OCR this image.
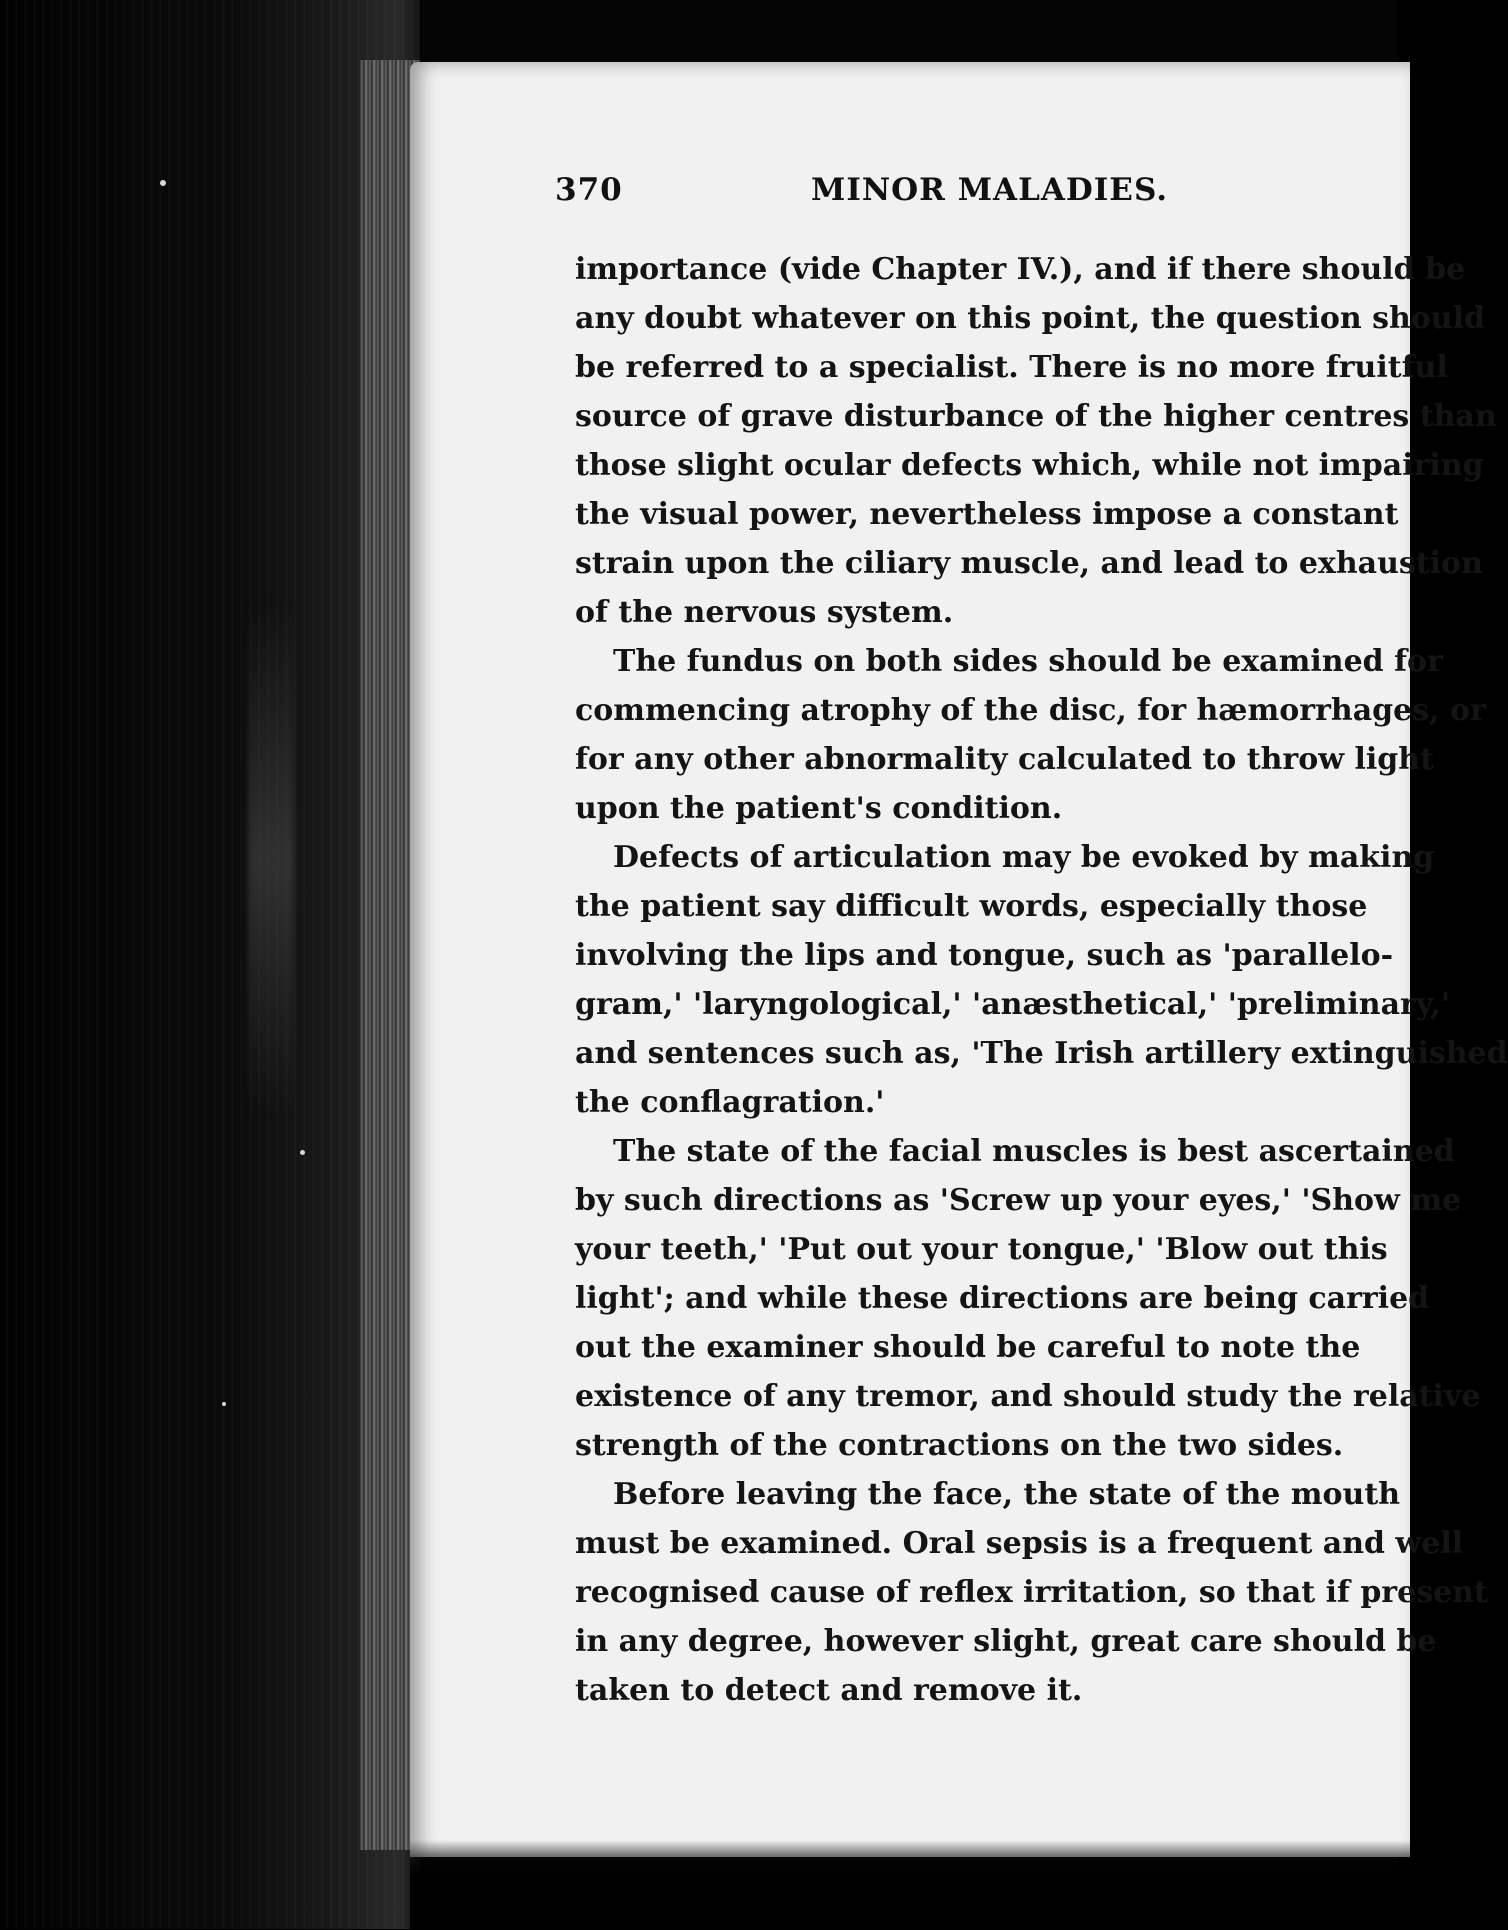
370	MINOR MALADIES.
importance (vide Chapter IV.), and if there should be
any doubt whatever on this point, the question should
be referred to a specialist. There is no more fruitful
source of grave disturbance of the higher centres than
those slight ocular defects which, while not impairing
the visual power, nevertheless impose a constant
strain upon the ciliary muscle, and lead to exhaustion
of the nervous system.
The fundus on both sides should be examined for
commencing atrophy of the disc, for hæmorrhages, or
for any other abnormality calculated to throw light
upon the patient's condition.
Defects of articulation may be evoked by making
the patient say difficult words, especially those
involving the lips and tongue, such as 'parallelo-
gram,' 'laryngological,' 'anæsthetical,' 'preliminary,'
and sentences such as, 'The Irish artillery extinguished
the conflagration.'
The state of the facial muscles is best ascertained
by such directions as 'Screw up your eyes,' 'Show me
your teeth,' 'Put out your tongue,' 'Blow out this
light'; and while these directions are being carried
out the examiner should be careful to note the
existence of any tremor, and should study the relative
strength of the contractions on the two sides.
Before leaving the face, the state of the mouth
must be examined. Oral sepsis is a frequent and well
recognised cause of reflex irritation, so that if present
in any degree, however slight, great care should be
taken to detect and remove it.
